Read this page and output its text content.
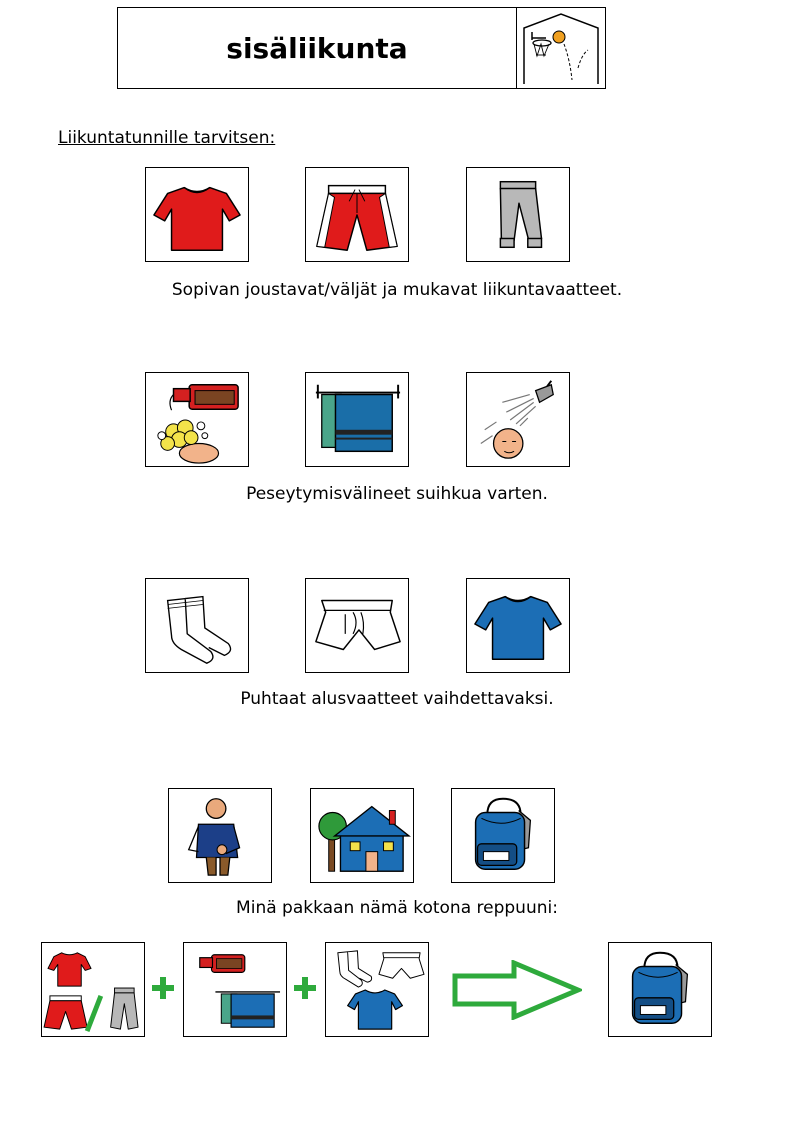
sisäliikunta
Liikuntatunnille tarvitsen:
Sopivan joustavat/väljät ja mukavat liikuntavaatteet.
Peseytymisvälineet suihkua varten.
Puhtaat alusvaatteet vaihdettavaksi.
Minä pakkaan nämä kotona reppuuni:
